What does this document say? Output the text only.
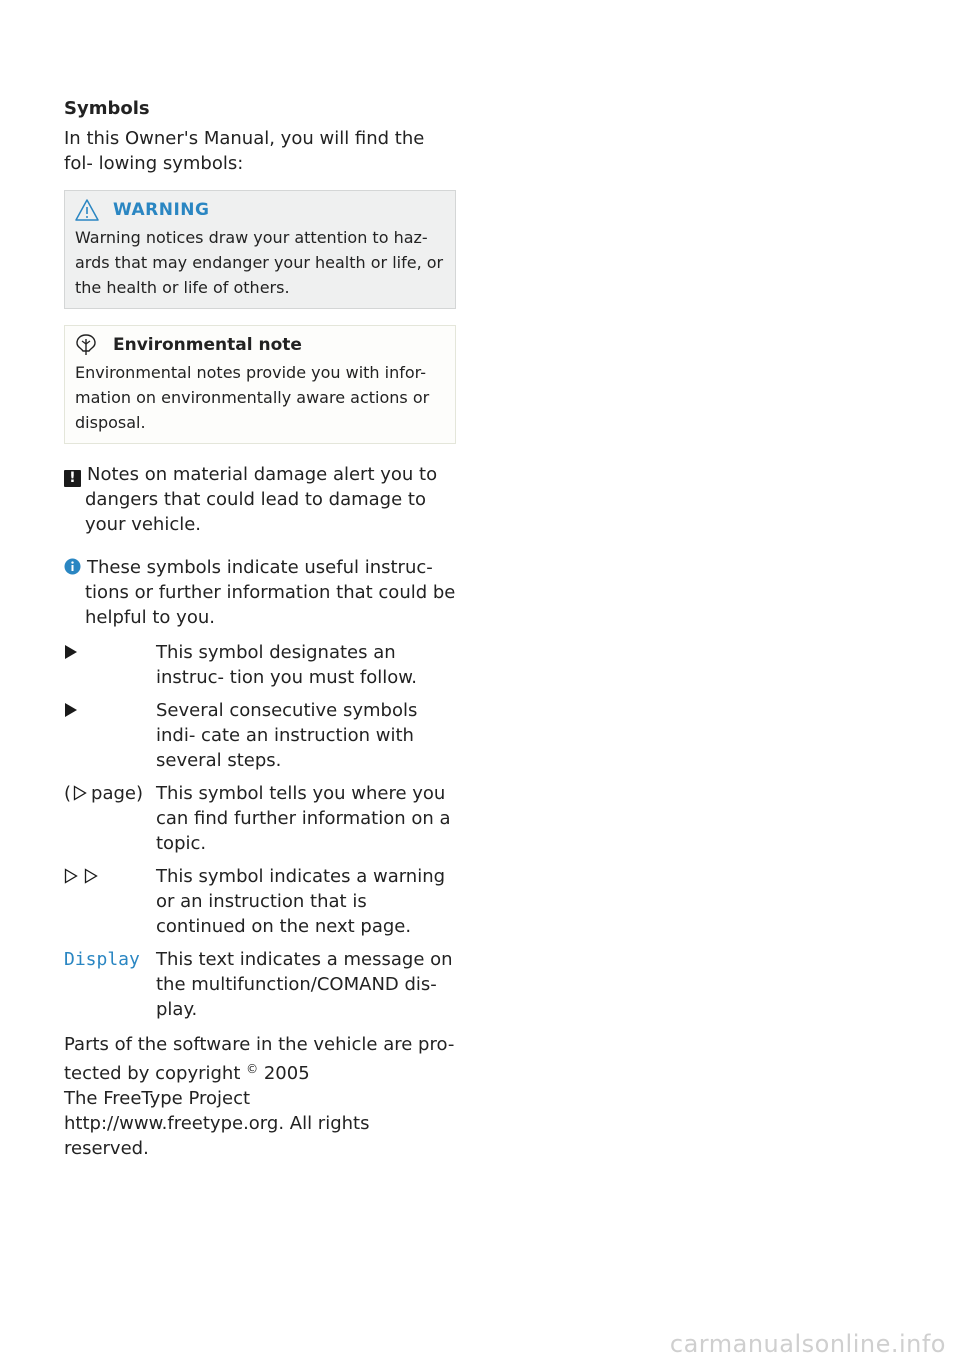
Symbols

In this Owner's Manual, you will find the fol- lowing symbols:

WARNING
Warning notices draw your attention to haz- ards that may endanger your health or life, or the health or life of others.
Environmental note
Environmental notes provide you with infor- mation on environmentally aware actions or disposal.
! Notes on material damage alert you to dangers that could lead to damage to your vehicle.
These symbols indicate useful instruc- tions or further information that could be helpful to you.
This symbol designates an instruc- tion you must follow.
Several consecutive symbols indi- cate an instruction with several steps.
( page) This symbol tells you where you can find further information on a topic.
This symbol indicates a warning or an instruction that is continued on the next page.
Display This text indicates a message on the multifunction/COMAND dis- play.
Parts of the software in the vehicle are pro- tected by copyright © 2005
The FreeType Project
http://www.freetype.org. All rights reserved.
carmanualsonline.info
